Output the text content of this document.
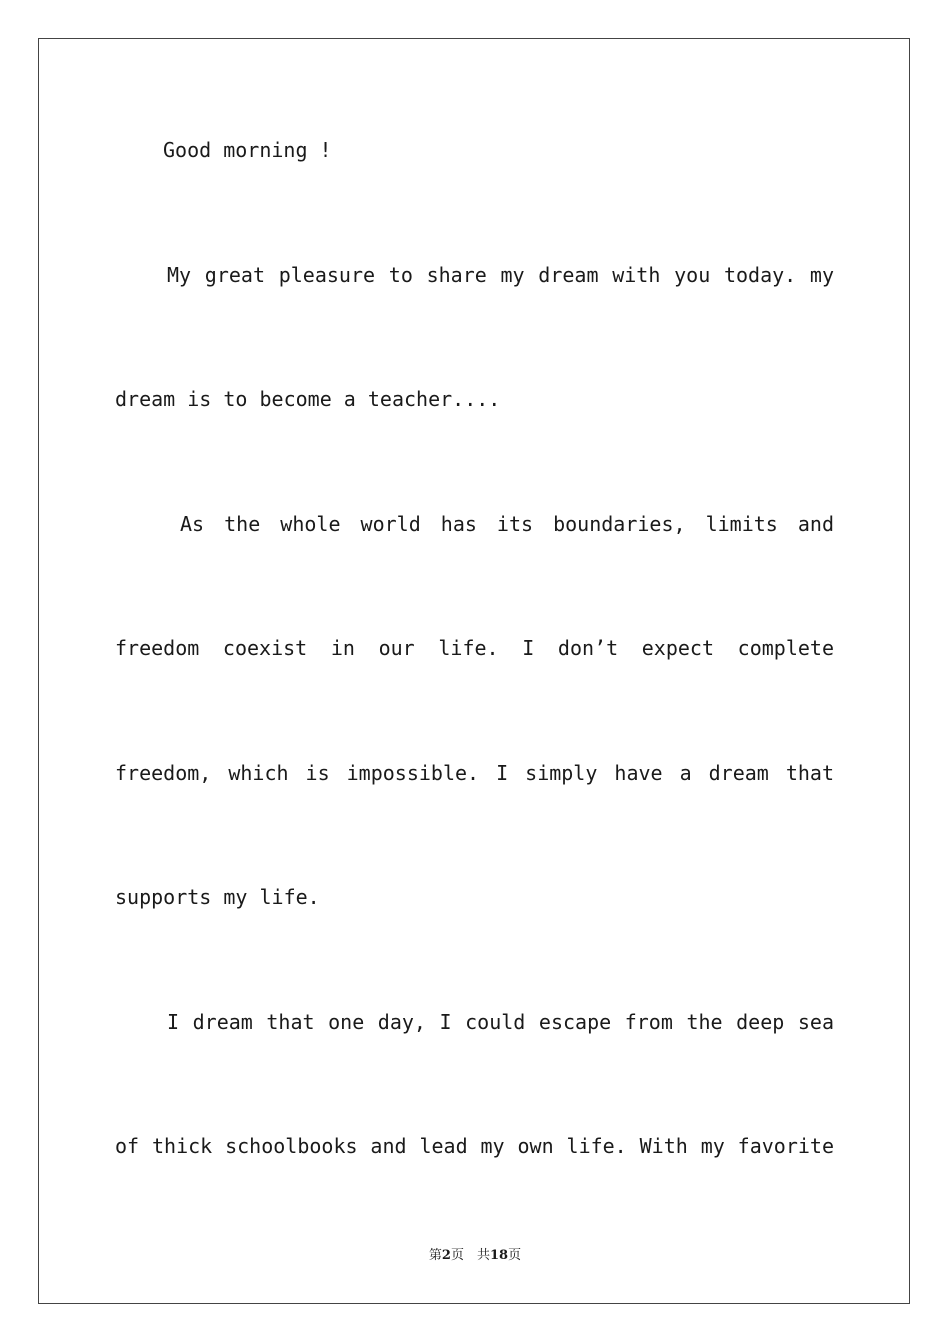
Good morning !

My great pleasure to share my dream with you today. my

dream is to become a teacher....

As the whole world has its boundaries, limits and

freedom coexist in our life. I don’t expect complete

freedom, which is impossible. I simply have a dream that

supports my life.

I dream that one day, I could escape from the deep sea

of thick schoolbooks and lead my own life. With my favorite

第2页　共18页
